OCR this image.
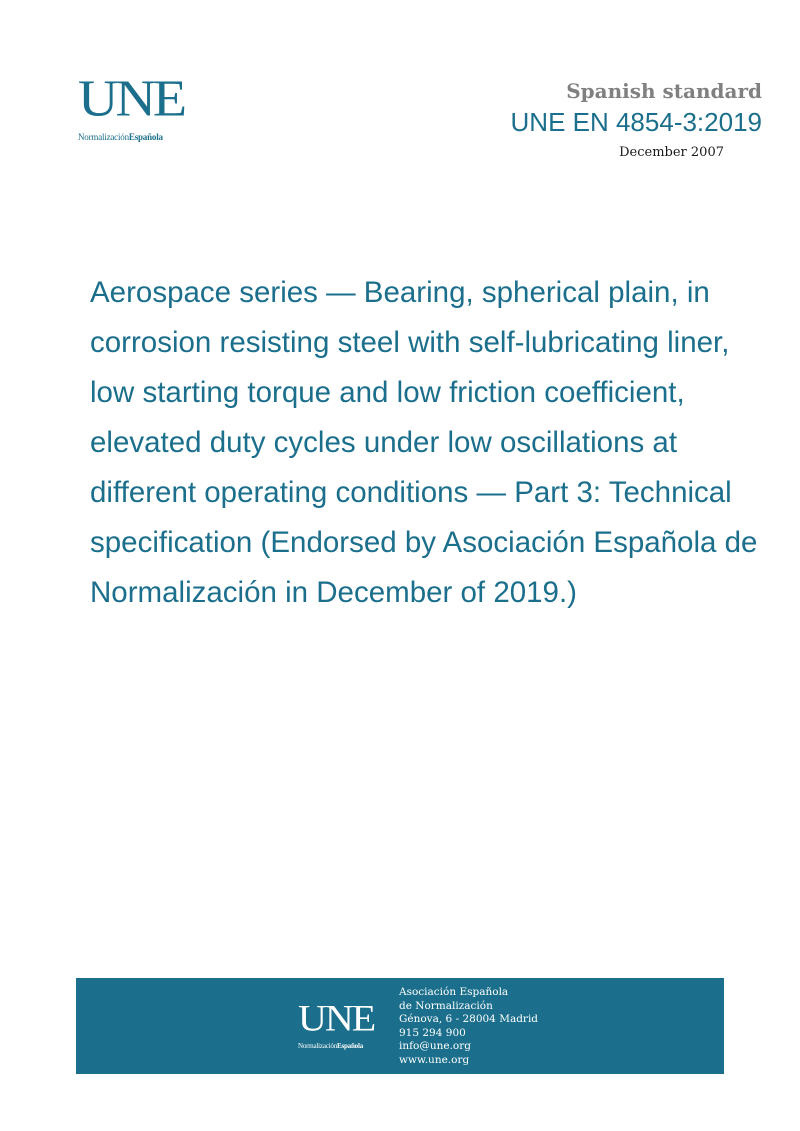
UNE
NormalizaciónEspañola
Spanish standard
UNE EN 4854-3:2019
December 2007
Aerospace series — Bearing, spherical plain, in corrosion resisting steel with self-lubricating liner, low starting torque and low friction coefficient, elevated duty cycles under low oscillations at different operating conditions — Part 3: Technical specification (Endorsed by Asociación Española de Normalización in December of 2019.)
UNE
NormalizaciónEspañola
Asociación Española
de Normalización
Génova, 6 - 28004 Madrid
915 294 900
info@une.org
www.une.org
